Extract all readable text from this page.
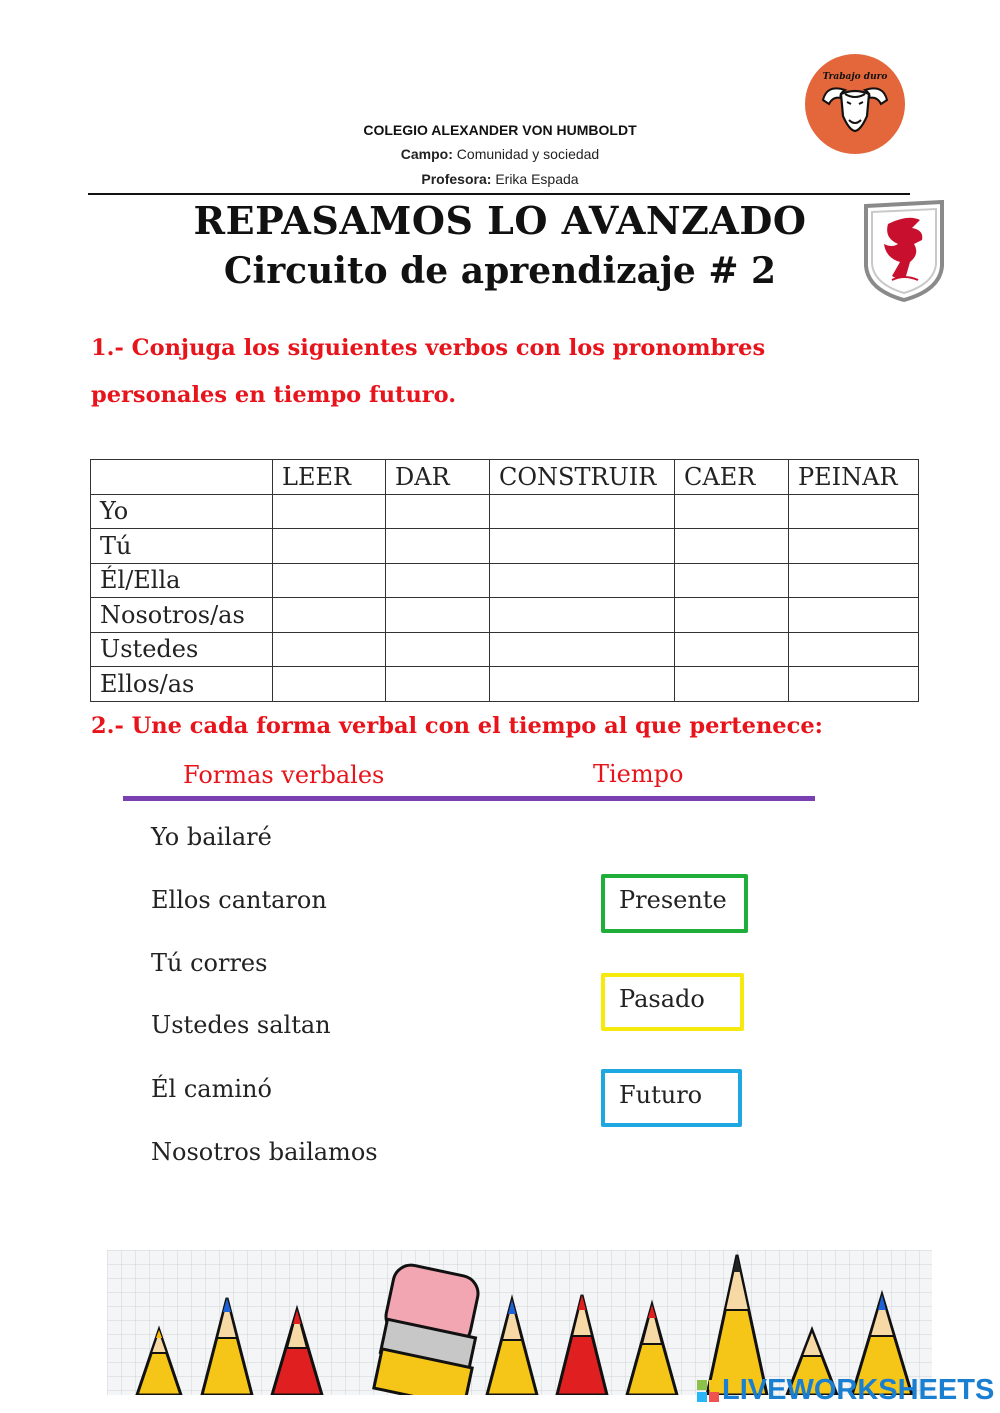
COLEGIO ALEXANDER VON HUMBOLDT
Campo: Comunidad y sociedad
Profesora: Erika Espada
Trabajo duro
REPASAMOS LO AVANZADO
Circuito de aprendizaje # 2
1.- Conjuga los siguientes verbos con los pronombres
personales en tiempo futuro.
	LEER	DAR	CONSTRUIR	CAER	PEINAR
Yo					
Tú					
Él/Ella					
Nosotros/as					
Ustedes					
Ellos/as					
2.- Une cada forma verbal con el tiempo al que pertenece:
Formas verbales	Tiempo
Yo bailaré
Ellos cantaron
Tú corres
Ustedes saltan
Él caminó
Nosotros bailamos
Presente
Pasado
Futuro
LIVEWORKSHEETS
